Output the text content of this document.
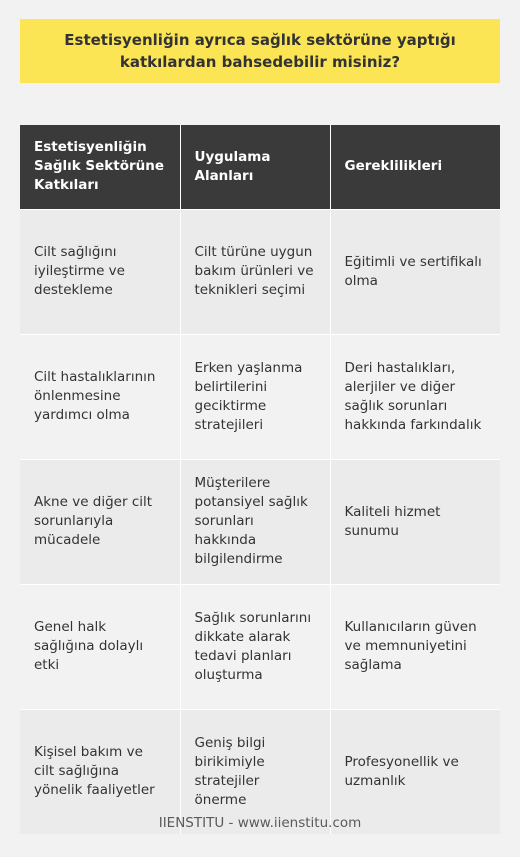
Estetisyenliğin ayrıca sağlık sektörüne yaptığı katkılardan bahsedebilir misiniz?
Estetisyenliğin Sağlık Sektörüne Katkıları	Uygulama Alanları	Gereklilikleri
Cilt sağlığını iyileştirme ve destekleme	Cilt türüne uygun bakım ürünleri ve teknikleri seçimi	Eğitimli ve sertifikalı olma
Cilt hastalıklarının önlenmesine yardımcı olma	Erken yaşlanma belirtilerini geciktirme stratejileri	Deri hastalıkları, alerjiler ve diğer sağlık sorunları hakkında farkındalık
Akne ve diğer cilt sorunlarıyla mücadele	Müşterilere potansiyel sağlık sorunları hakkında bilgilendirme	Kaliteli hizmet sunumu
Genel halk sağlığına dolaylı etki	Sağlık sorunlarını dikkate alarak tedavi planları oluşturma	Kullanıcıların güven ve memnuniyetini sağlama
Kişisel bakım ve cilt sağlığına yönelik faaliyetler	Geniş bilgi birikimiyle stratejiler önerme	Profesyonellik ve uzmanlık
IIENSTITU - www.iienstitu.com
